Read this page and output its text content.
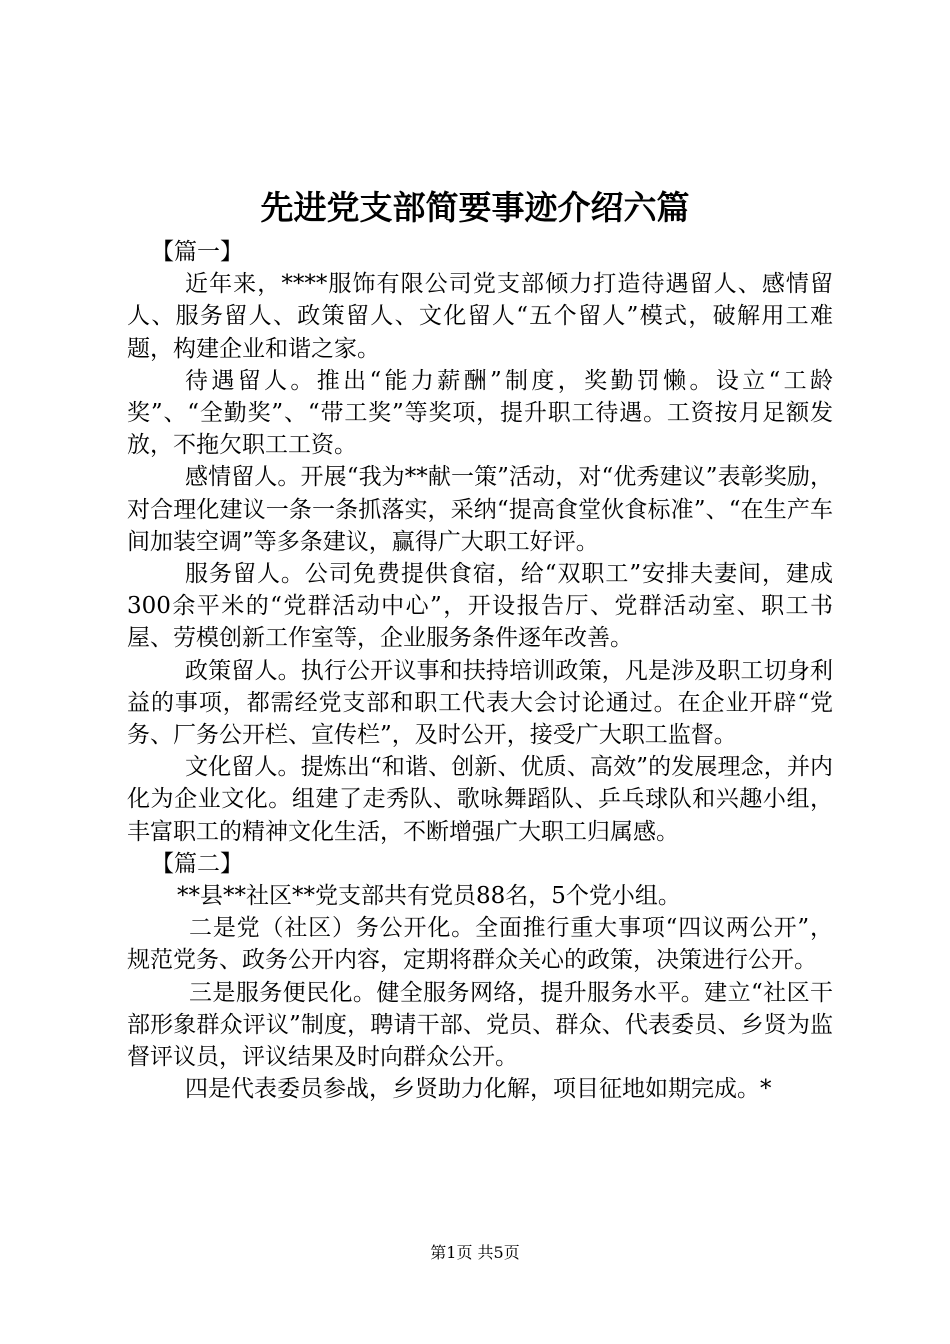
先进党支部简要事迹介绍六篇

【篇一】

近年来，****服饰有限公司党支部倾力打造待遇留人、感情留人、服务留人、政策留人、文化留人“五个留人”模式，破解用工难题，构建企业和谐之家。

待遇留人。推出“能力薪酬”制度，奖勤罚懒。设立“工龄奖”、“全勤奖”、“带工奖”等奖项，提升职工待遇。工资按月足额发放，不拖欠职工工资。

感情留人。开展“我为**献一策”活动，对“优秀建议”表彰奖励，对合理化建议一条一条抓落实，采纳“提高食堂伙食标准”、“在生产车间加装空调”等多条建议，赢得广大职工好评。

服务留人。公司免费提供食宿，给“双职工”安排夫妻间，建成300余平米的“党群活动中心”，开设报告厅、党群活动室、职工书屋、劳模创新工作室等，企业服务条件逐年改善。

政策留人。执行公开议事和扶持培训政策，凡是涉及职工切身利益的事项，都需经党支部和职工代表大会讨论通过。在企业开辟“党务、厂务公开栏、宣传栏”，及时公开，接受广大职工监督。

文化留人。提炼出“和谐、创新、优质、高效”的发展理念，并内化为企业文化。组建了走秀队、歌咏舞蹈队、乒乓球队和兴趣小组，丰富职工的精神文化生活，不断增强广大职工归属感。

【篇二】

**县**社区**党支部共有党员88名，5个党小组。

二是党（社区）务公开化。全面推行重大事项“四议两公开”，规范党务、政务公开内容，定期将群众关心的政策，决策进行公开。

三是服务便民化。健全服务网络，提升服务水平。建立“社区干部形象群众评议”制度，聘请干部、党员、群众、代表委员、乡贤为监督评议员，评议结果及时向群众公开。

四是代表委员参战，乡贤助力化解，项目征地如期完成。*

第1页 共5页
